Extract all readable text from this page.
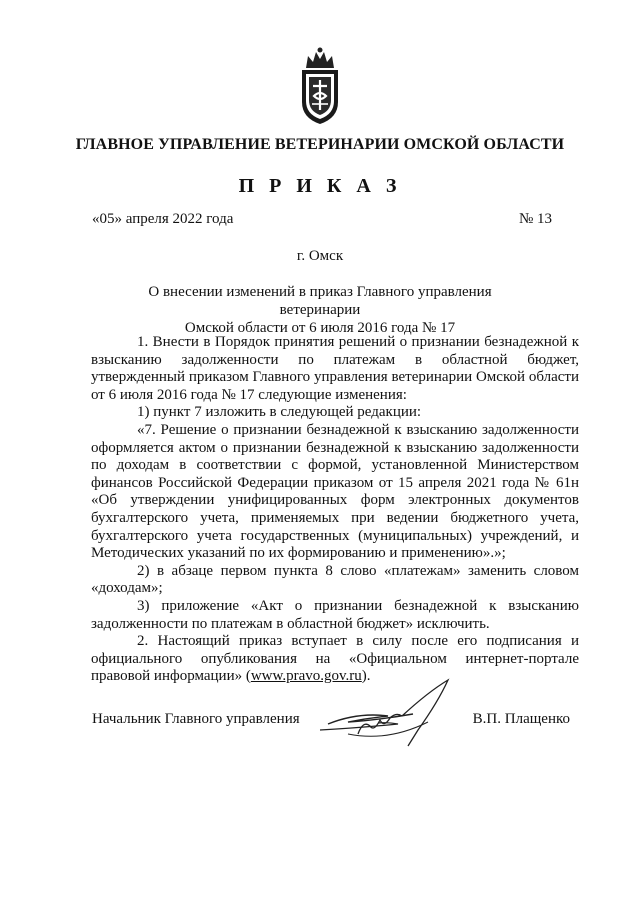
ГЛАВНОЕ УПРАВЛЕНИЕ ВЕТЕРИНАРИИ ОМСКОЙ ОБЛАСТИ
П Р И К А З
«05» апреля 2022 года	№ 13
г. Омск
О внесении изменений в приказ Главного управления ветеринарии
Омской области от 6 июля 2016 года № 17

1. Внести в Порядок принятия решений о признании безнадежной к взысканию задолженности по платежам в областной бюджет, утвержденный приказом Главного управления ветеринарии Омской области от 6 июля 2016 года № 17 следующие изменения:

1) пункт 7 изложить в следующей редакции:

«7. Решение о признании безнадежной к взысканию задолженности оформляется актом о признании безнадежной к взысканию задолженности по доходам в соответствии с формой, установленной Министерством финансов Российской Федерации приказом от 15 апреля 2021 года № 61н «Об утверждении унифицированных форм электронных документов бухгалтерского учета, применяемых при ведении бюджетного учета, бухгалтерского учета государственных (муниципальных) учреждений, и Методических указаний по их формированию и применению».»;

2) в абзаце первом пункта 8 слово «платежам» заменить словом «доходам»;

3) приложение «Акт о признании безнадежной к взысканию задолженности по платежам в областной бюджет» исключить.

2. Настоящий приказ вступает в силу после его подписания и официального опубликования на «Официальном интернет-портале правовой информации» (www.pravo.gov.ru).

Начальник Главного управления	В.П. Плащенко
